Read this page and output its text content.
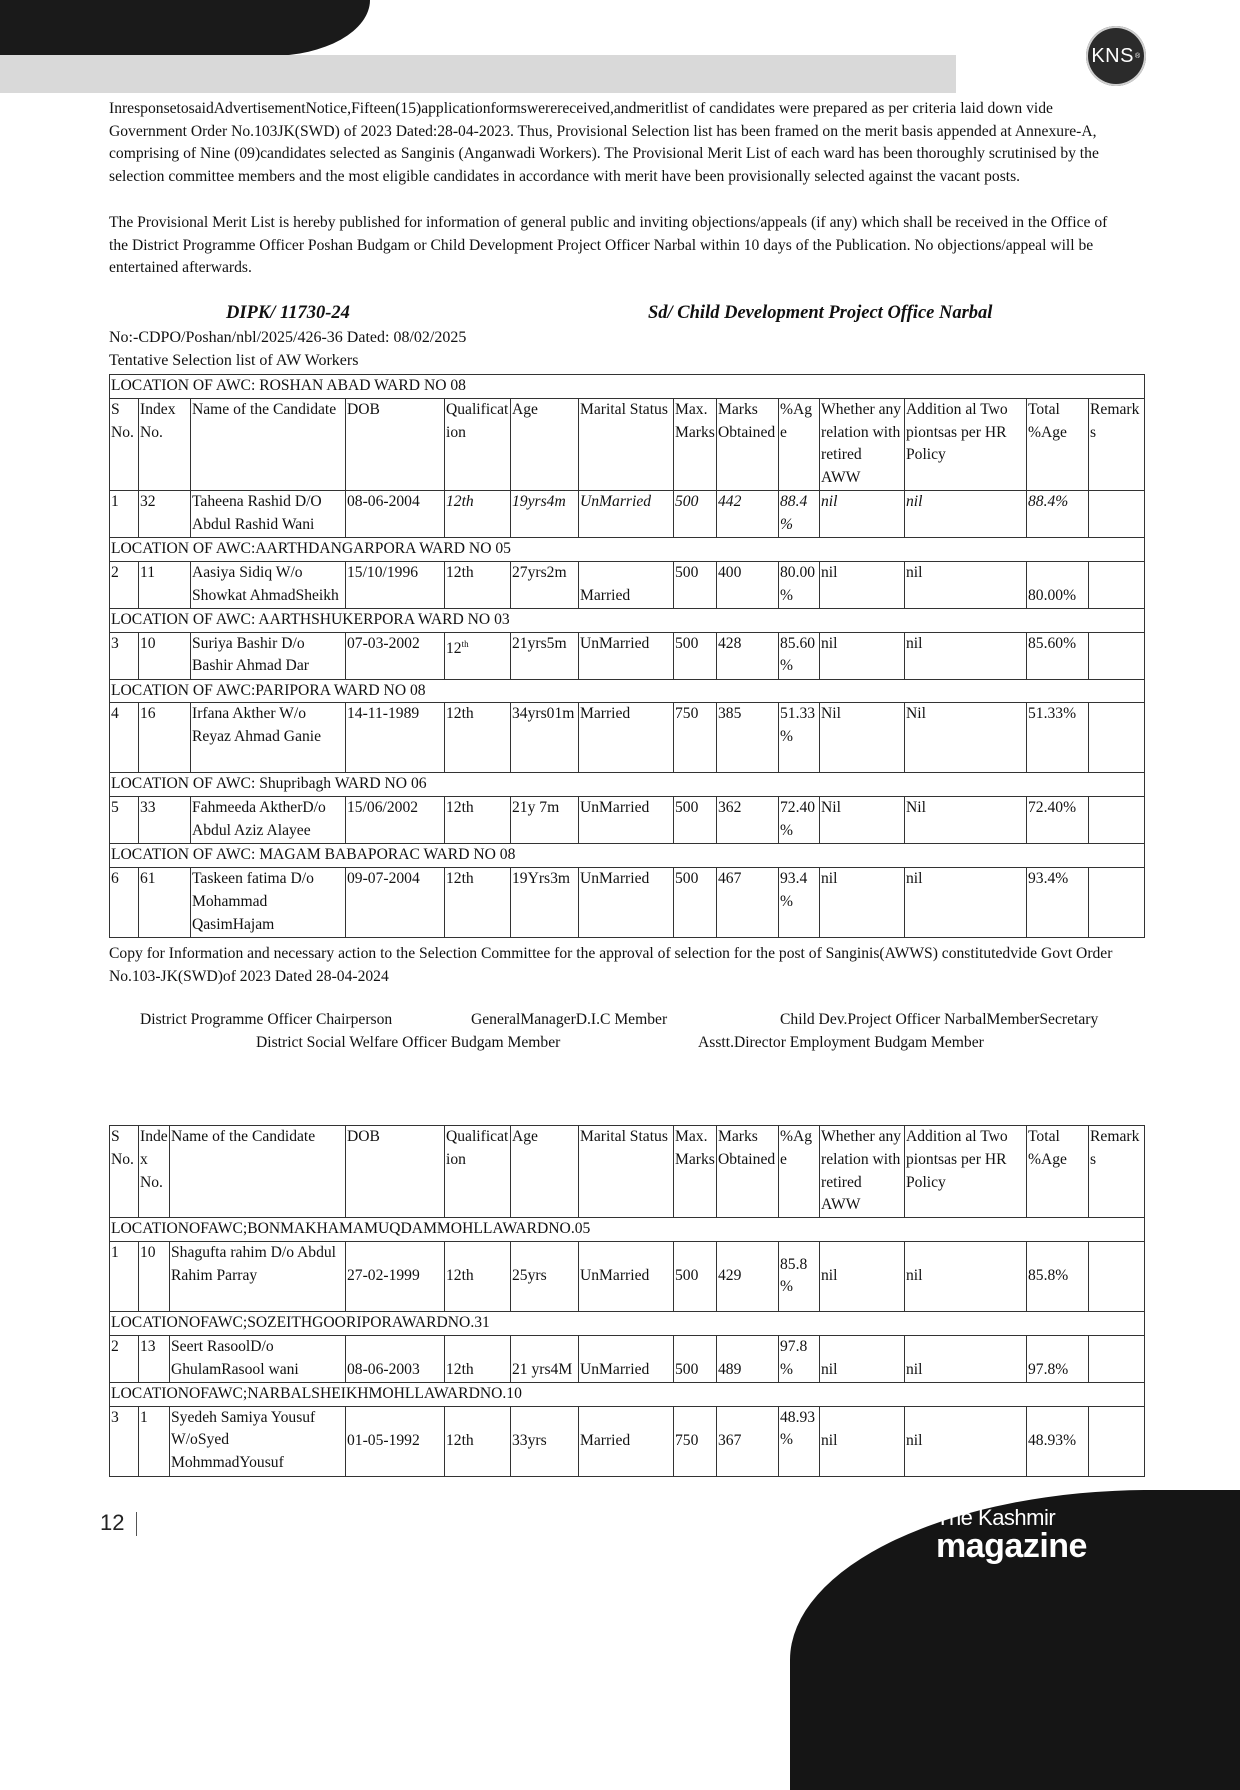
KNS ®

InresponsetosaidAdvertisementNotice,Fifteen(15)applicationformswerereceived,andmeritlist of candidates were prepared as per criteria laid down vide Government Order No.103JK(SWD) of 2023 Dated:28-04-2023. Thus, Provisional Selection list has been framed on the merit basis appended at Annexure-A, comprising of Nine (09)candidates selected as Sanginis (Anganwadi Workers). The Provisional Merit List of each ward has been thoroughly scrutinised by the selection committee members and the most eligible candidates in accordance with merit have been provisionally selected against the vacant posts.

The Provisional Merit List is hereby published for information of general public and inviting objections/appeals (if any) which shall be received in the Office of the District Programme Officer Poshan Budgam or Child Development Project Officer Narbal within 10 days of the Publication. No objections/appeal will be entertained afterwards.

DIPK/ 11730-24	Sd/ Child Development Project Office Narbal
No:-CDPO/Poshan/nbl/2025/426-36 Dated: 08/02/2025
Tentative Selection list of AW Workers
LOCATION OF AWC: ROSHAN ABAD WARD NO 08													
S No.	Index No.	Name of the Candidate	DOB	Qualificat ion	Age	Marital Status	Max. Marks	Marks Obtained	%Age	Whether any relation with retired AWW	Addition al Two piontsas per HR Policy	Total %Age	Remark s
1	32	Taheena Rashid D/O Abdul Rashid Wani	08-06-2004	12th	19yrs4m	UnMarried	500	442	88.4 %	nil	nil	88.4%	
LOCATION OF AWC:AARTHDANGARPORA WARD NO 05													
2	11	Aasiya Sidiq W/o Showkat AhmadSheikh	15/10/1996	12th	27yrs2m	Married	500	400	80.00 %	nil	nil	80.00%	
LOCATION OF AWC: AARTHSHUKERPORA WARD NO 03													
3	10	Suriya Bashir D/o Bashir Ahmad Dar	07-03-2002	12th	21yrs5m	UnMarried	500	428	85.60 %	nil	nil	85.60%	
LOCATION OF AWC:PARIPORA WARD NO 08													
4	16	Irfana Akther W/o Reyaz Ahmad Ganie	14-11-1989	12th	34yrs01m	Married	750	385	51.33 %	Nil	Nil	51.33%	
LOCATION OF AWC: Shupribagh WARD NO 06													
5	33	Fahmeeda AktherD/o Abdul Aziz Alayee	15/06/2002	12th	21y 7m	UnMarried	500	362	72.40 %	Nil	Nil	72.40%	
LOCATION OF AWC: MAGAM BABAPORAC WARD NO 08													
6	61	Taskeen fatima D/o Mohammad QasimHajam	09-07-2004	12th	19Yrs3m	UnMarried	500	467	93.4 %	nil	nil	93.4%	

Copy for Information and necessary action to the Selection Committee for the approval of selection for the post of Sanginis(AWWS) constitutedvide Govt Order No.103-JK(SWD)of 2023 Dated 28-04-2024

District Programme Officer Chairperson	GeneralManagerD.I.C Member	Child Dev.Project Officer NarbalMemberSecretary
District Social Welfare Officer Budgam Member	Asstt.Director Employment Budgam Member
S No.	Inde x No.	Name of the Candidate	DOB	Qualificat ion	Age	Marital Status	Max. Marks	Marks Obtained	%Age	Whether any relation with retired AWW	Addition al Two piontsas per HR Policy	Total %Age	Remark s
LOCATIONOFAWC;BONMAKHAMAMUQDAMMOHLLAWARDNO.05													
1	10	Shagufta rahim D/o Abdul Rahim Parray	27-02-1999	12th	25yrs	UnMarried	500	429	85.8 %	nil	nil	85.8%	
LOCATIONOFAWC;SOZEITHGOORIPORAWARDNO.31													
2	13	Seert RasoolD/o GhulamRasool wani	08-06-2003	12th	21 yrs4M	UnMarried	500	489	97.8%	nil	nil	97.8%	
LOCATIONOFAWC;NARBALSHEIKHMOHLLAWARDNO.10													
3	1	Syedeh Samiya Yousuf W/oSyed MohmmadYousuf	01-05-1992	12th	33yrs	Married	750	367	48.93 %	nil	nil	48.93%	
12	The Kashmir
magazine
